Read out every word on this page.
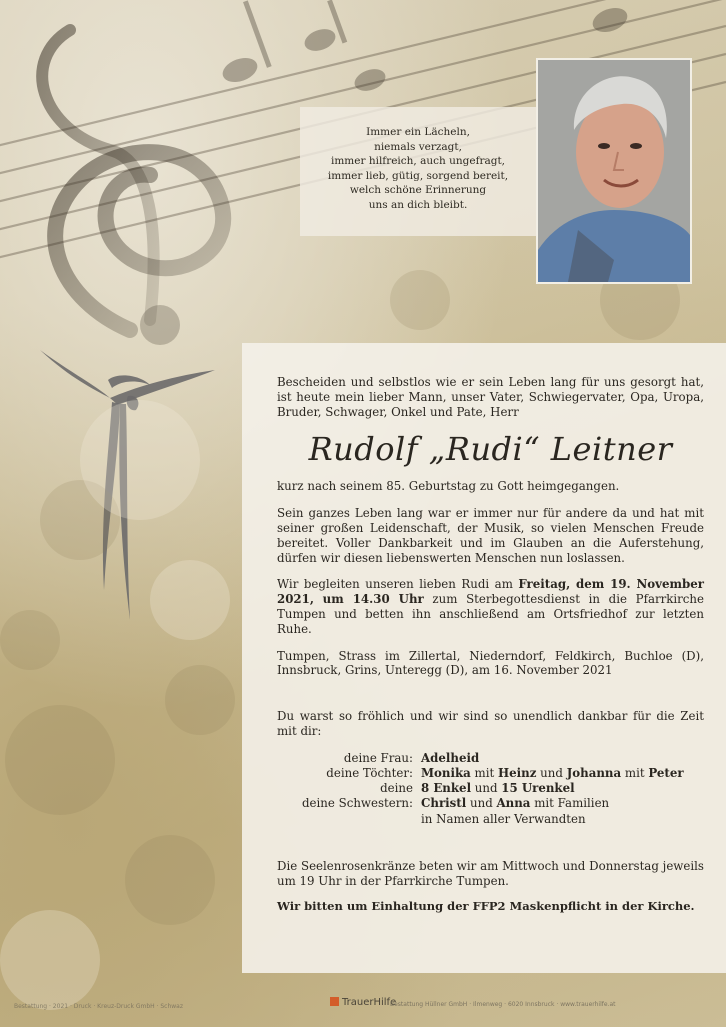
Immer ein Lächeln,
niemals verzagt,
immer hilfreich, auch ungefragt,
immer lieb, gütig, sorgend bereit,
welch schöne Erinnerung
uns an dich bleibt.

Bescheiden und selbstlos wie er sein Leben lang für uns gesorgt hat, ist heute mein lieber Mann, unser Vater, Schwiegervater, Opa, Uropa, Bruder, Schwager, Onkel und Pate, Herr

Rudolf „Rudi“ Leitner

kurz nach seinem 85. Geburtstag zu Gott heimgegangen.

Sein ganzes Leben lang war er immer nur für andere da und hat mit seiner großen Leidenschaft, der Musik, so vielen Menschen Freude bereitet. Voller Dankbarkeit und im Glauben an die Auferstehung, dürfen wir diesen liebenswerten Menschen nun loslassen.

Wir begleiten unseren lieben Rudi am Freitag, dem 19. November 2021, um 14.30 Uhr zum Sterbegottesdienst in die Pfarrkirche Tumpen und betten ihn anschließend am Ortsfriedhof zur letzten Ruhe.

Tumpen, Strass im Zillertal, Niederndorf, Feldkirch, Buchloe (D), Innsbruck, Grins, Unteregg (D), am 16. November 2021

Du warst so fröhlich und wir sind so unendlich dankbar für die Zeit mit dir:

deine Frau:	Adelheid
deine Töchter:	Monika mit Heinz und Johanna mit Peter
deine	8 Enkel und 15 Urenkel
deine Schwestern:	Christl und Anna mit Familien
	in Namen aller Verwandten

Die Seelenrosenkränze beten wir am Mittwoch und Donnerstag jeweils um 19 Uhr in der Pfarrkirche Tumpen.

Wir bitten um Einhaltung der FFP2 Maskenpflicht in der Kirche.

Bestattung · 2021 · Druck · Kreuz-Druck GmbH · Schwaz	TrauerHilfe
Bestattung Hüllner GmbH · Ilmenweg · 6020 Innsbruck · www.trauerhilfe.at
